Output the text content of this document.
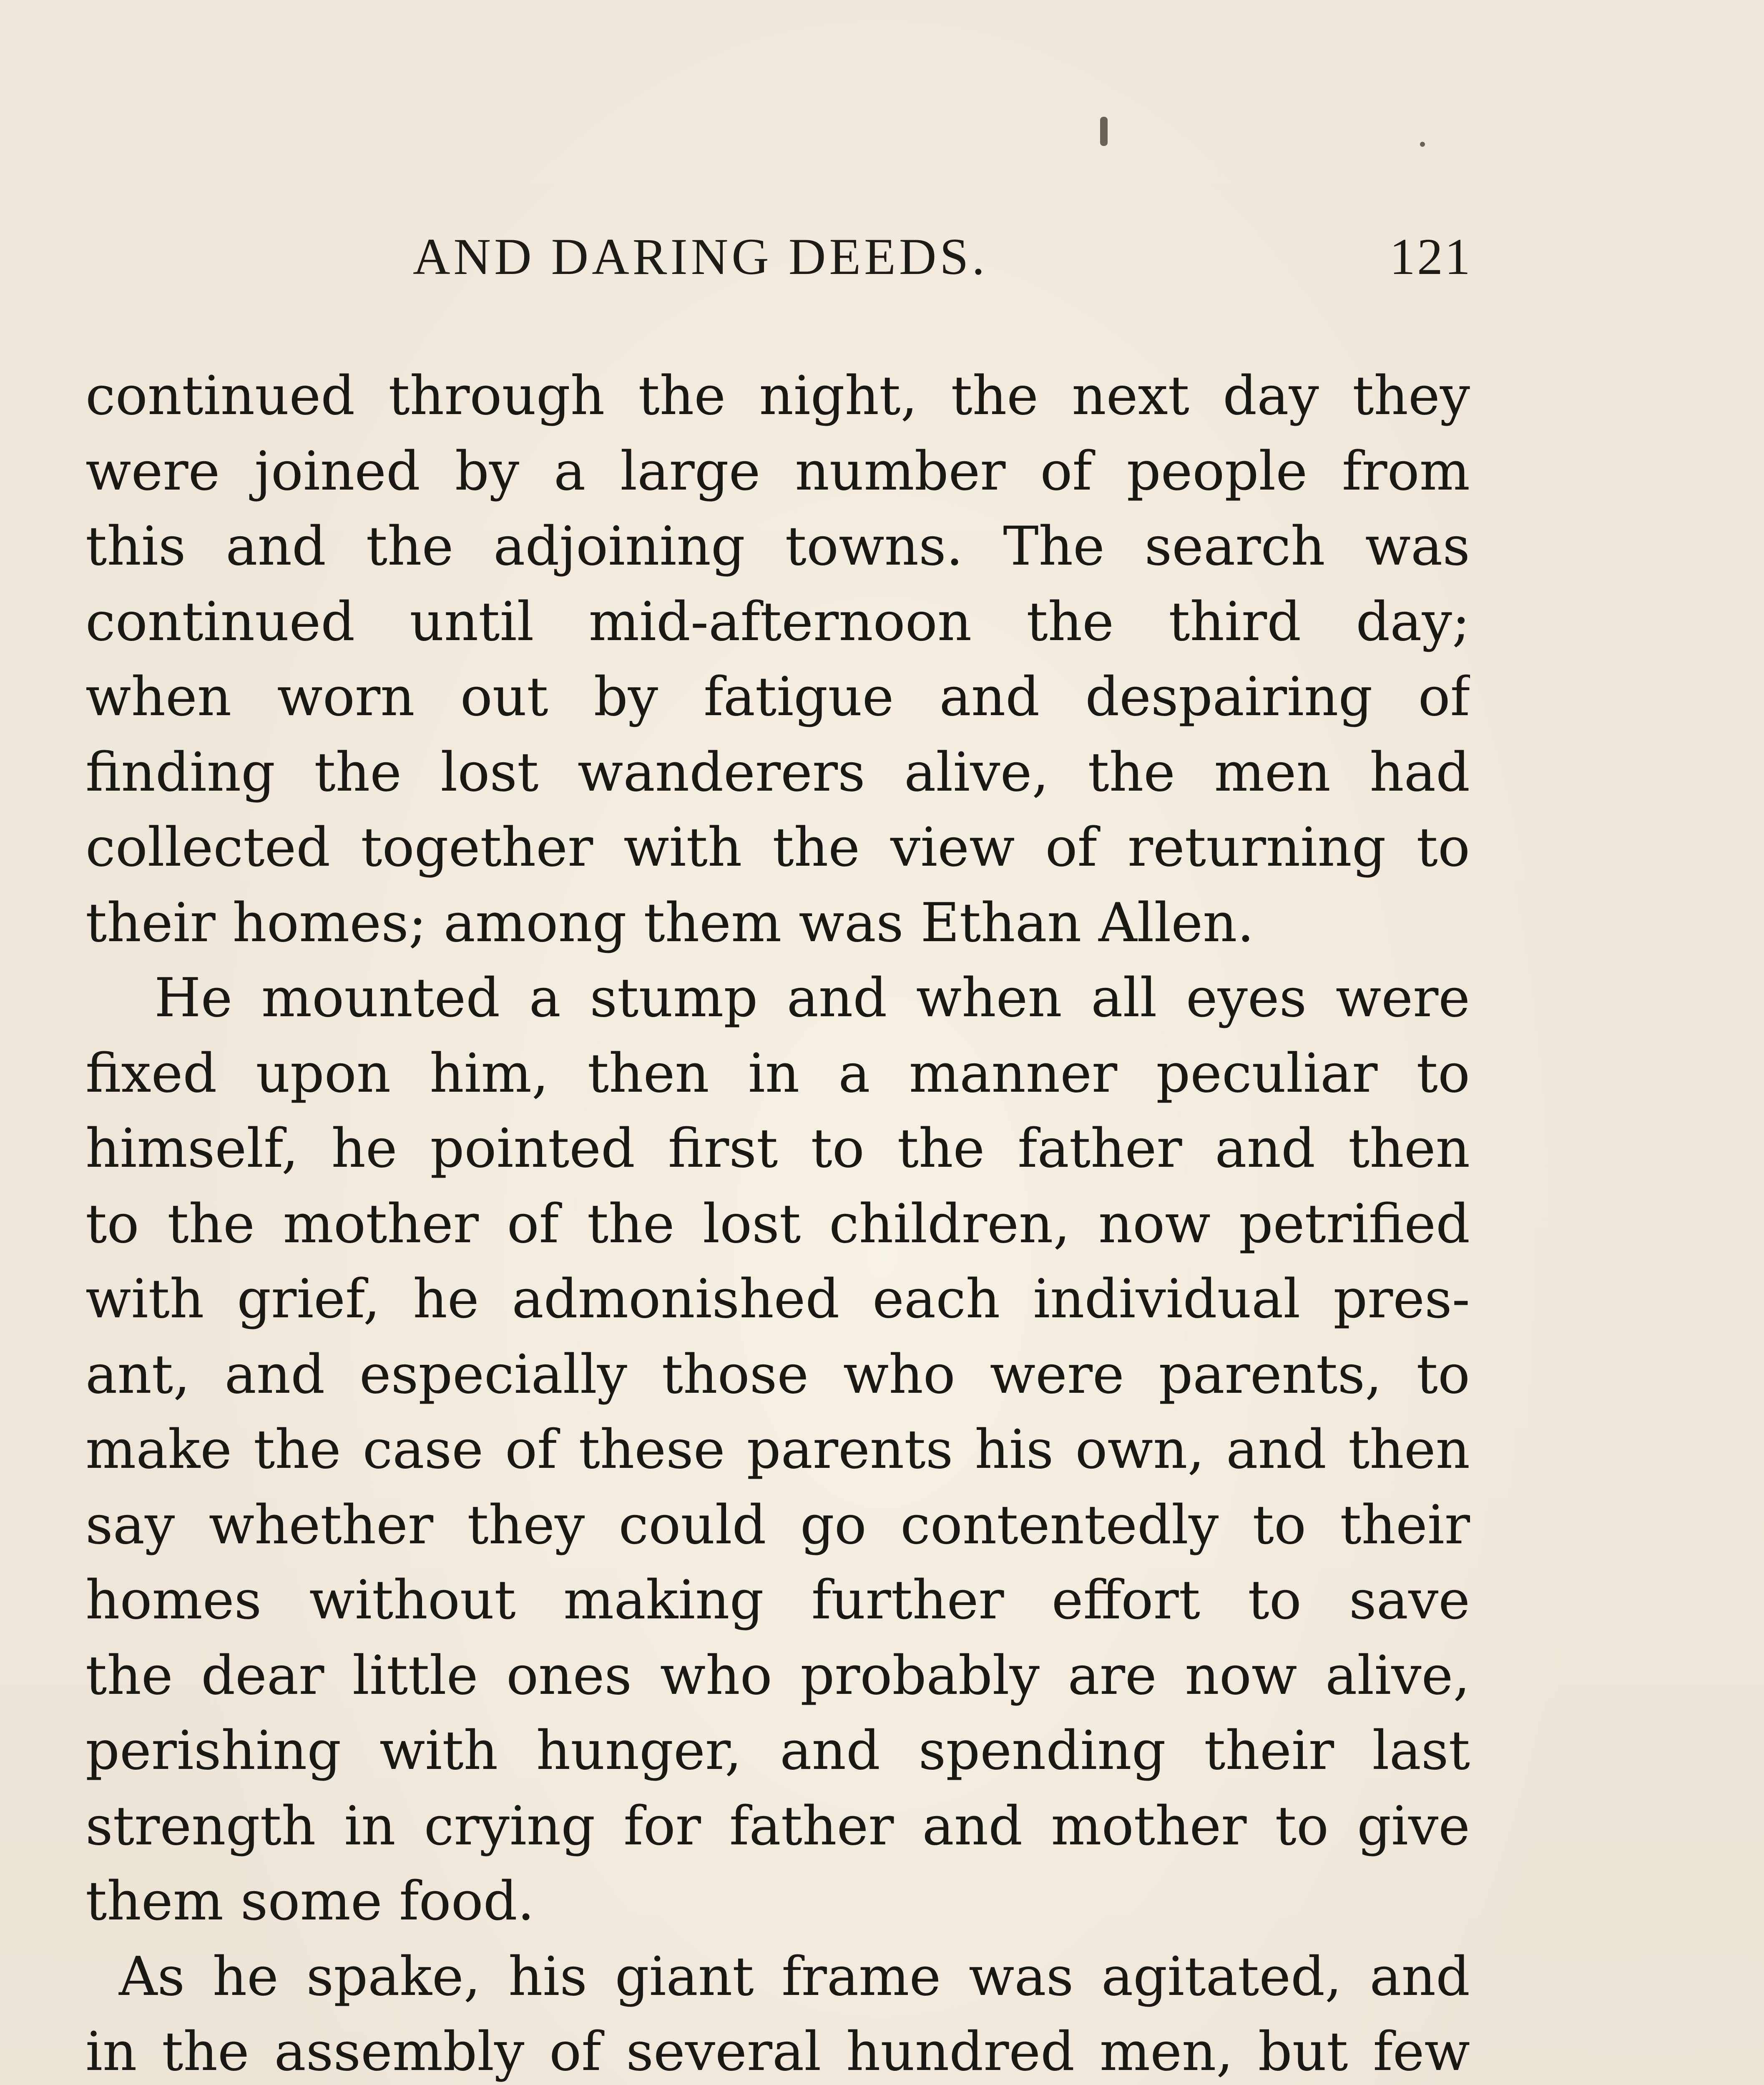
AND DARING DEEDS.	121
continued through the night, the next day they
were joined by a large number of people from
this and the adjoining towns. The search was
continued until mid-afternoon the third day;
when worn out by fatigue and despairing of
finding the lost wanderers alive, the men had
collected together with the view of returning to
their homes; among them was Ethan Allen.
He mounted a stump and when all eyes were
fixed upon him, then in a manner peculiar to
himself, he pointed first to the father and then
to the mother of the lost children, now petrified
with grief, he admonished each individual pres-
ant, and especially those who were parents, to
make the case of these parents his own, and then
say whether they could go contentedly to their
homes without making further effort to save
the dear little ones who probably are now alive,
perishing with hunger, and spending their last
strength in crying for father and mother to give
them some food.
As he spake, his giant frame was agitated, and
in the assembly of several hundred men, but few
